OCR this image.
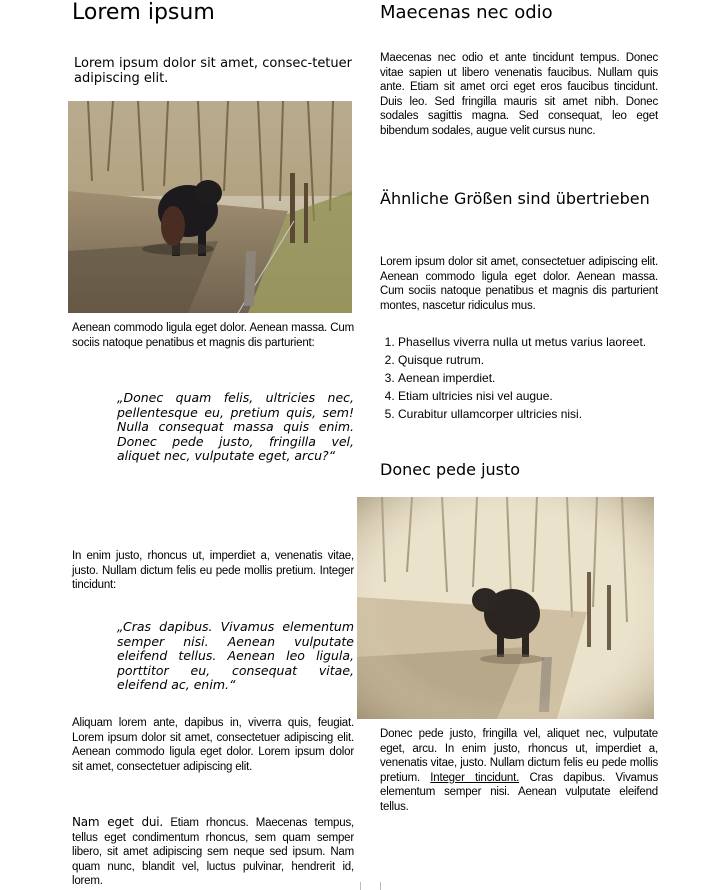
Lorem ipsum
Lorem ipsum dolor sit amet, consec-tetuer adipiscing elit.
Aenean commodo ligula eget dolor. Aenean massa. Cum sociis natoque penatibus et magnis dis parturient:
„Donec quam felis, ultricies nec, pellentesque eu, pretium quis, sem! Nulla consequat massa quis enim. Donec pede justo, fringilla vel, aliquet nec, vulputate eget, arcu?“
In enim justo, rhoncus ut, imperdiet a, venenatis vitae, justo. Nullam dictum felis eu pede mollis pretium. Integer tincidunt:
„Cras dapibus. Vivamus elementum semper nisi. Aenean vulputate eleifend tellus. Aenean leo ligula, porttitor eu, consequat vitae, eleifend ac, enim.“
Aliquam lorem ante, dapibus in, viverra quis, feugiat. Lorem ipsum dolor sit amet, consectetuer adipiscing elit. Aenean commodo ligula eget dolor. Lorem ipsum dolor sit amet, consectetuer adipiscing elit.
Nam eget dui. Etiam rhoncus. Maecenas tempus, tellus eget condimentum rhoncus, sem quam semper libero, sit amet adipiscing sem neque sed ipsum. Nam quam nunc, blandit vel, luctus pulvinar, hendrerit id, lorem.
Maecenas nec odio
Maecenas nec odio et ante tincidunt tempus. Donec vitae sapien ut libero venenatis faucibus. Nullam quis ante. Etiam sit amet orci eget eros faucibus tincidunt. Duis leo. Sed fringilla mauris sit amet nibh. Donec sodales sagittis magna. Sed consequat, leo eget bibendum sodales, augue velit cursus nunc.
Ähnliche Größen sind übertrieben
Lorem ipsum dolor sit amet, consectetuer adipiscing elit. Aenean commodo ligula eget dolor. Aenean massa. Cum sociis natoque penatibus et magnis dis parturient montes, nascetur ridiculus mus.
1. Phasellus viverra nulla ut metus varius laoreet.
2. Quisque rutrum.
3. Aenean imperdiet.
4. Etiam ultricies nisi vel augue.
5. Curabitur ullamcorper ultricies nisi.
Donec pede justo
Donec pede justo, fringilla vel, aliquet nec, vulputate eget, arcu. In enim justo, rhoncus ut, imperdiet a, venenatis vitae, justo. Nullam dictum felis eu pede mollis pretium. Integer tincidunt. Cras dapibus. Vivamus elementum semper nisi. Aenean vulputate eleifend tellus.
